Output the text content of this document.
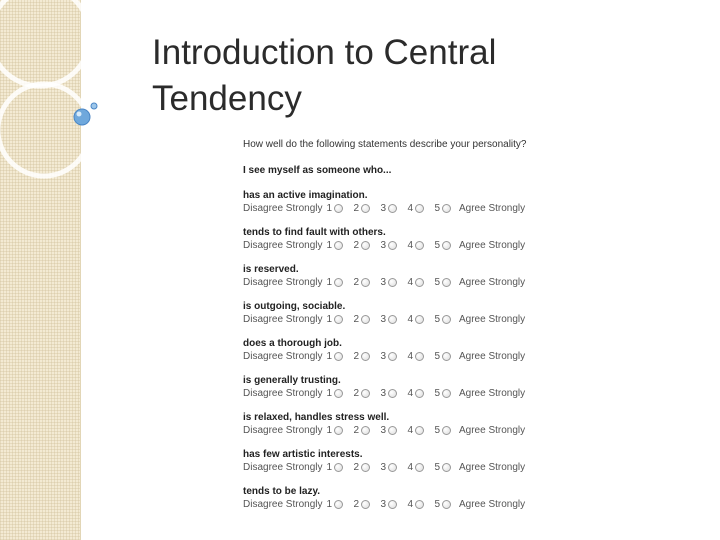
Introduction to Central Tendency
How well do the following statements describe your personality?
I see myself as someone who...
has an active imagination.
Disagree Strongly 1	2	3	4	5 Agree Strongly
tends to find fault with others.
Disagree Strongly 1	2	3	4	5 Agree Strongly
is reserved.
Disagree Strongly 1	2	3	4	5 Agree Strongly
is outgoing, sociable.
Disagree Strongly 1	2	3	4	5 Agree Strongly
does a thorough job.
Disagree Strongly 1	2	3	4	5 Agree Strongly
is generally trusting.
Disagree Strongly 1	2	3	4	5 Agree Strongly
is relaxed, handles stress well.
Disagree Strongly 1	2	3	4	5 Agree Strongly
has few artistic interests.
Disagree Strongly 1	2	3	4	5 Agree Strongly
tends to be lazy.
Disagree Strongly 1	2	3	4	5 Agree Strongly
